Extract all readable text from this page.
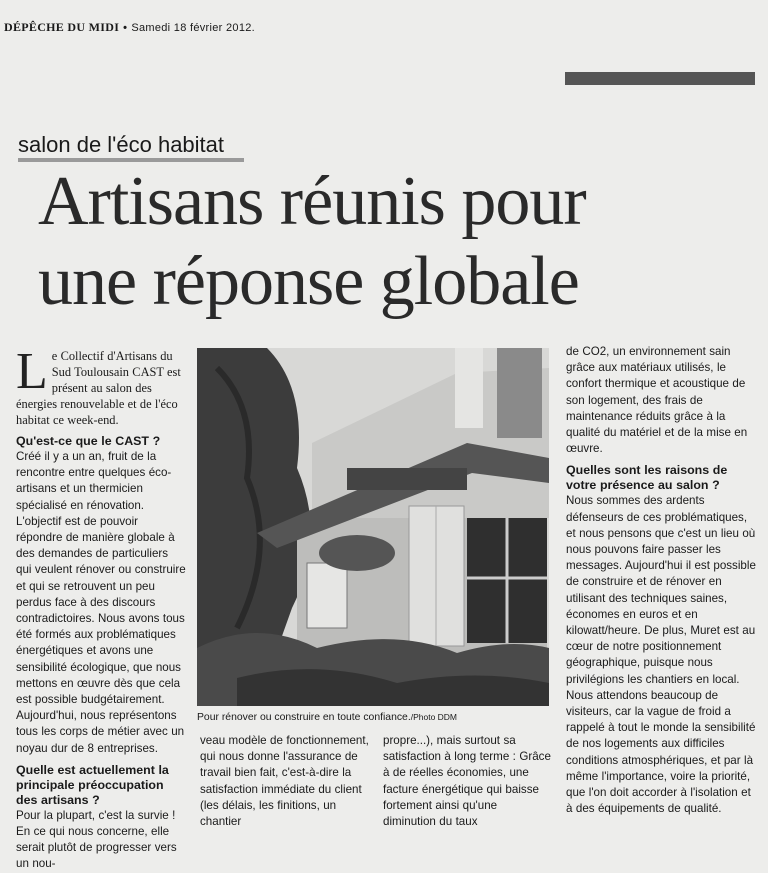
DÉPÊCHE DU MIDI • Samedi 18 février 2012.
salon de l'éco habitat
Artisans réunis pour
une réponse globale

Le Collectif d'Artisans du Sud Toulousain CAST est présent au salon des énergies renouvelable et de l'éco habitat ce week-end.

Qu'est-ce que le CAST ?

Créé il y a un an, fruit de la rencontre entre quelques éco-artisans et un thermicien spécialisé en rénovation. L'objectif est de pouvoir répondre de manière globale à des demandes de particuliers qui veulent rénover ou construire et qui se retrouvent un peu perdus face à des discours contradictoires. Nous avons tous été formés aux problématiques énergétiques et avons une sensibilité écologique, que nous mettons en œuvre dès que cela est possible budgétairement. Aujourd'hui, nous représentons tous les corps de métier avec un noyau dur de 8 entreprises.

Quelle est actuellement la principale préoccupation des artisans ?

Pour la plupart, c'est la survie ! En ce qui nous concerne, elle serait plutôt de progresser vers un nou-

Pour rénover ou construire en toute confiance./Photo DDM

veau modèle de fonctionnement, qui nous donne l'assurance de travail bien fait, c'est-à-dire la satisfaction immédiate du client (les délais, les finitions, un chantier

propre...), mais surtout sa satisfaction à long terme : Grâce à de réelles économies, une facture énergétique qui baisse fortement ainsi qu'une diminution du taux

de CO2, un environnement sain grâce aux matériaux utilisés, le confort thermique et acoustique de son logement, des frais de maintenance réduits grâce à la qualité du matériel et de la mise en œuvre.

Quelles sont les raisons de votre présence au salon ?

Nous sommes des ardents défenseurs de ces problématiques, et nous pensons que c'est un lieu où nous pouvons faire passer les messages. Aujourd'hui il est possible de construire et de rénover en utilisant des techniques saines, économes en euros et en kilowatt/heure. De plus, Muret est au cœur de notre positionnement géographique, puisque nous privilégions les chantiers en local. Nous attendons beaucoup de visiteurs, car la vague de froid a rappelé à tout le monde la sensibilité de nos logements aux difficiles conditions atmosphériques, et par là même l'importance, voire la priorité, que l'on doit accorder à l'isolation et à des équipements de qualité.
